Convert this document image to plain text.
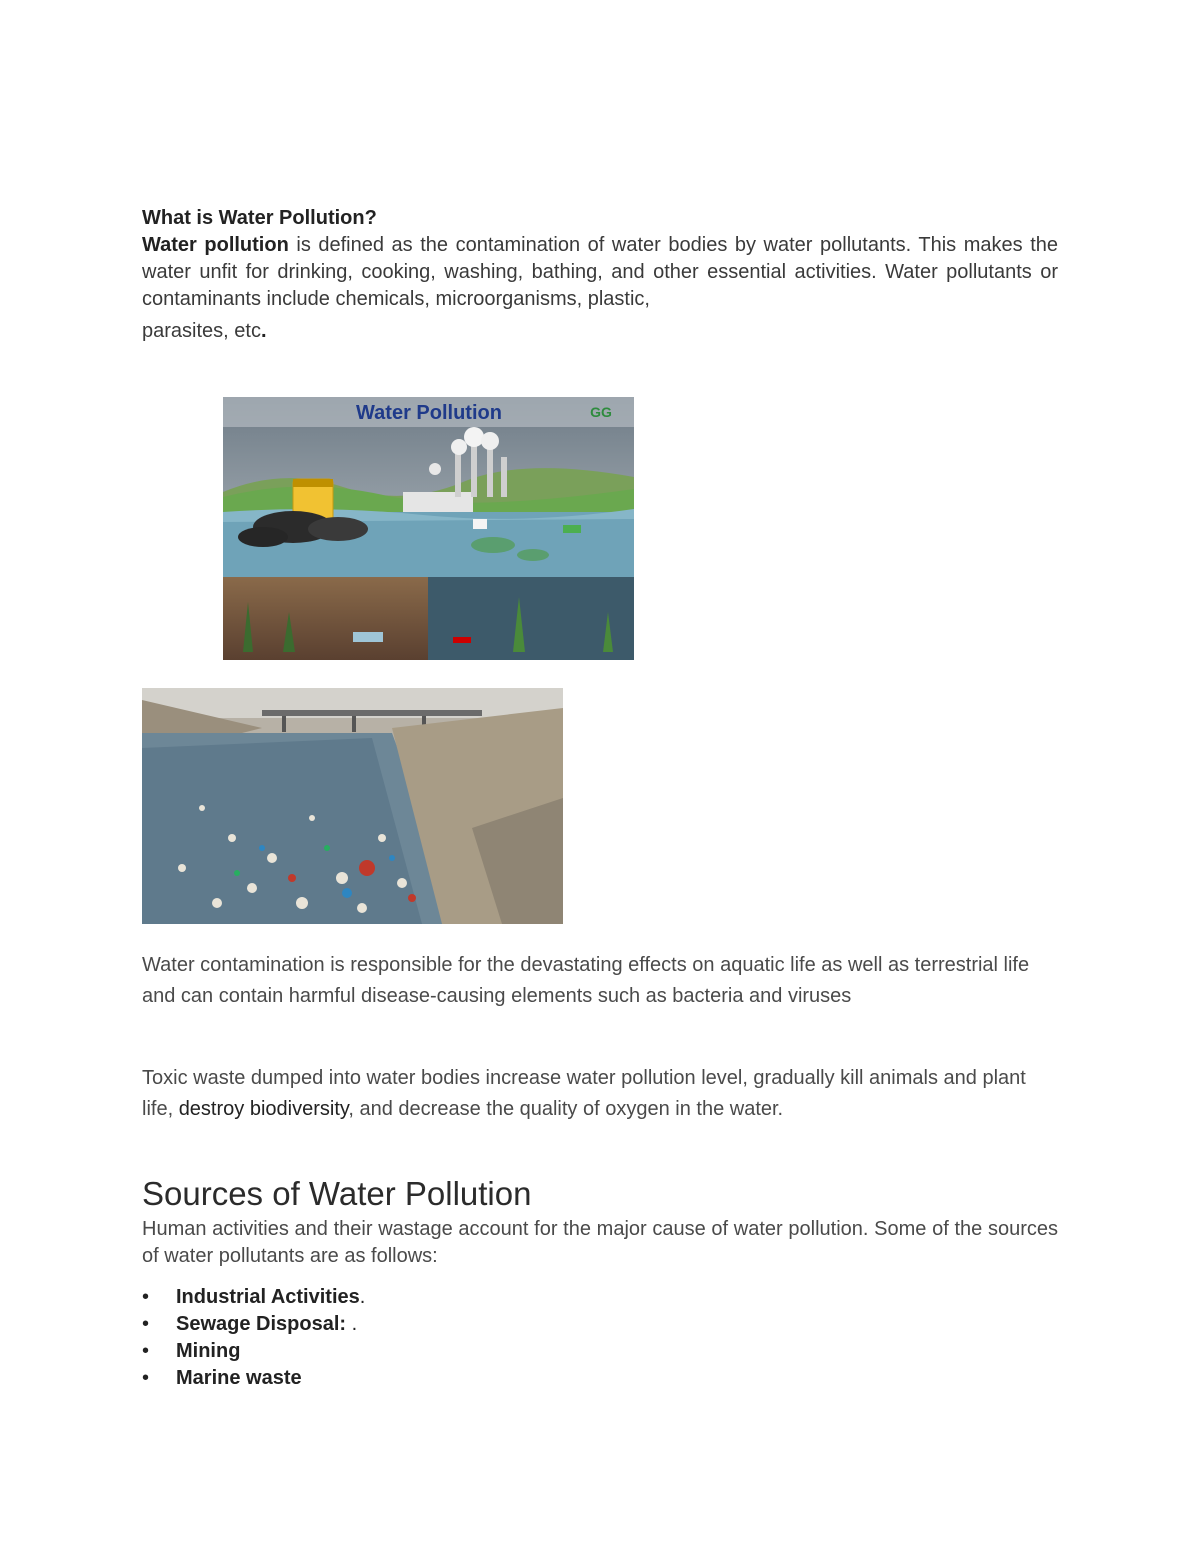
What is Water Pollution?
Water pollution is defined as the contamination of water bodies by water pollutants. This makes the water unfit for drinking, cooking, washing, bathing, and other essential activities. Water pollutants or contaminants include chemicals, microorganisms, plastic,
parasites, etc.
Water Pollution	GG
Water contamination is responsible for the devastating effects on aquatic life as well as terrestrial life and can contain harmful disease-causing elements such as bacteria and viruses
Toxic waste dumped into water bodies increase water pollution level, gradually kill animals and plant life, destroy biodiversity, and decrease the quality of oxygen in the water.
Sources of Water Pollution
Human activities and their wastage account for the major cause of water pollution. Some of the sources of water pollutants are as follows:
• Industrial Activities.
• Sewage Disposal: .
• Mining
• Marine waste
